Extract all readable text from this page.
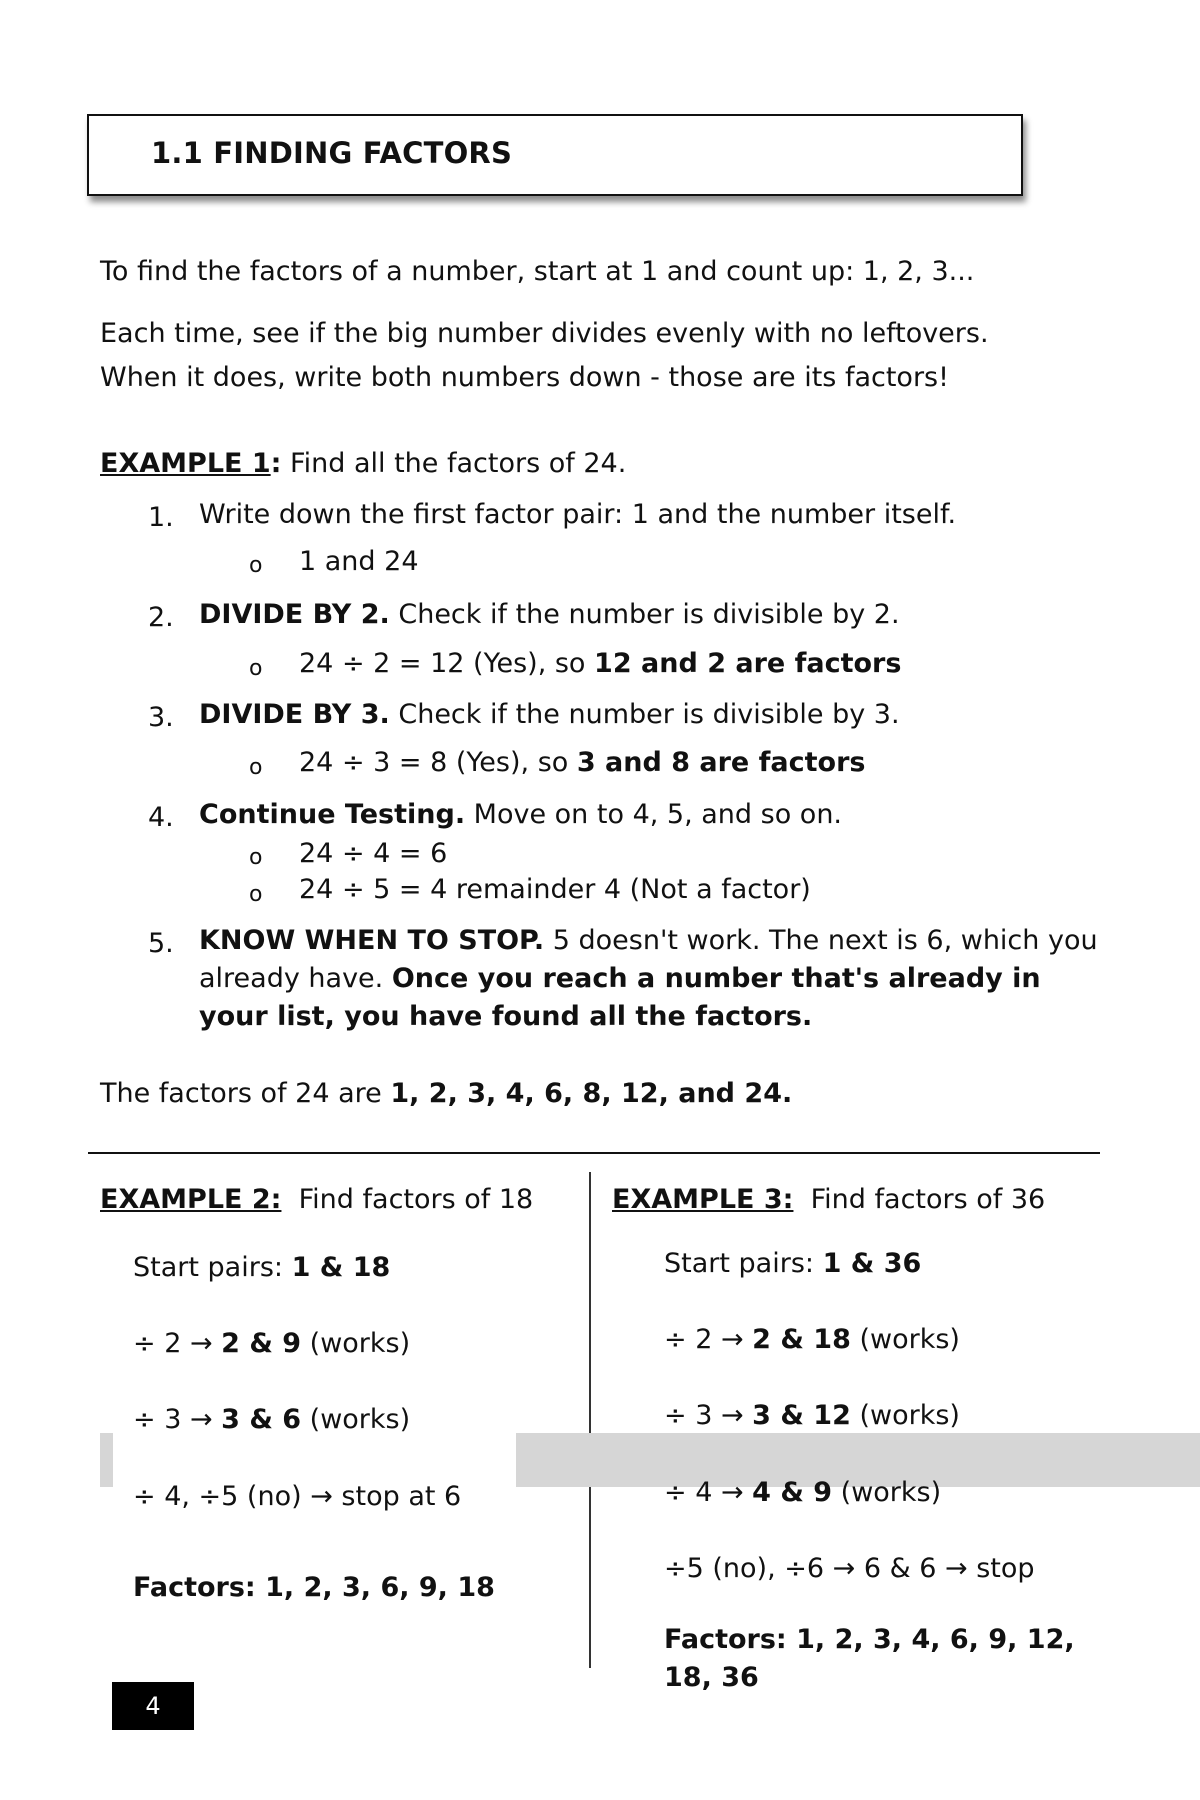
1.1 FINDING FACTORS
To find the factors of a number, start at 1 and count up: 1, 2, 3...
Each time, see if the big number divides evenly with no leftovers.
When it does, write both numbers down - those are its factors!
EXAMPLE 1: Find all the factors of 24.
1. Write down the first factor pair: 1 and the number itself.
o 1 and 24
2. DIVIDE BY 2. Check if the number is divisible by 2.
o 24 ÷ 2 = 12 (Yes), so 12 and 2 are factors
3. DIVIDE BY 3. Check if the number is divisible by 3.
o 24 ÷ 3 = 8 (Yes), so 3 and 8 are factors
4. Continue Testing. Move on to 4, 5, and so on.
o 24 ÷ 4 = 6
o 24 ÷ 5 = 4 remainder 4 (Not a factor)
5. KNOW WHEN TO STOP. 5 doesn't work. The next is 6, which you already have. Once you reach a number that's already in your list, you have found all the factors.
The factors of 24 are 1, 2, 3, 4, 6, 8, 12, and 24.
EXAMPLE 2:  Find factors of 18
Start pairs: 1 & 18
÷ 2 → 2 & 9 (works)
÷ 3 → 3 & 6 (works)
÷ 4, ÷5 (no) → stop at 6
Factors: 1, 2, 3, 6, 9, 18
EXAMPLE 3:  Find factors of 36
Start pairs: 1 & 36
÷ 2 → 2 & 18 (works)
÷ 3 → 3 & 12 (works)
÷ 4 → 4 & 9 (works)
÷5 (no), ÷6 → 6 & 6 → stop
Factors: 1, 2, 3, 4, 6, 9, 12,
18, 36
4
